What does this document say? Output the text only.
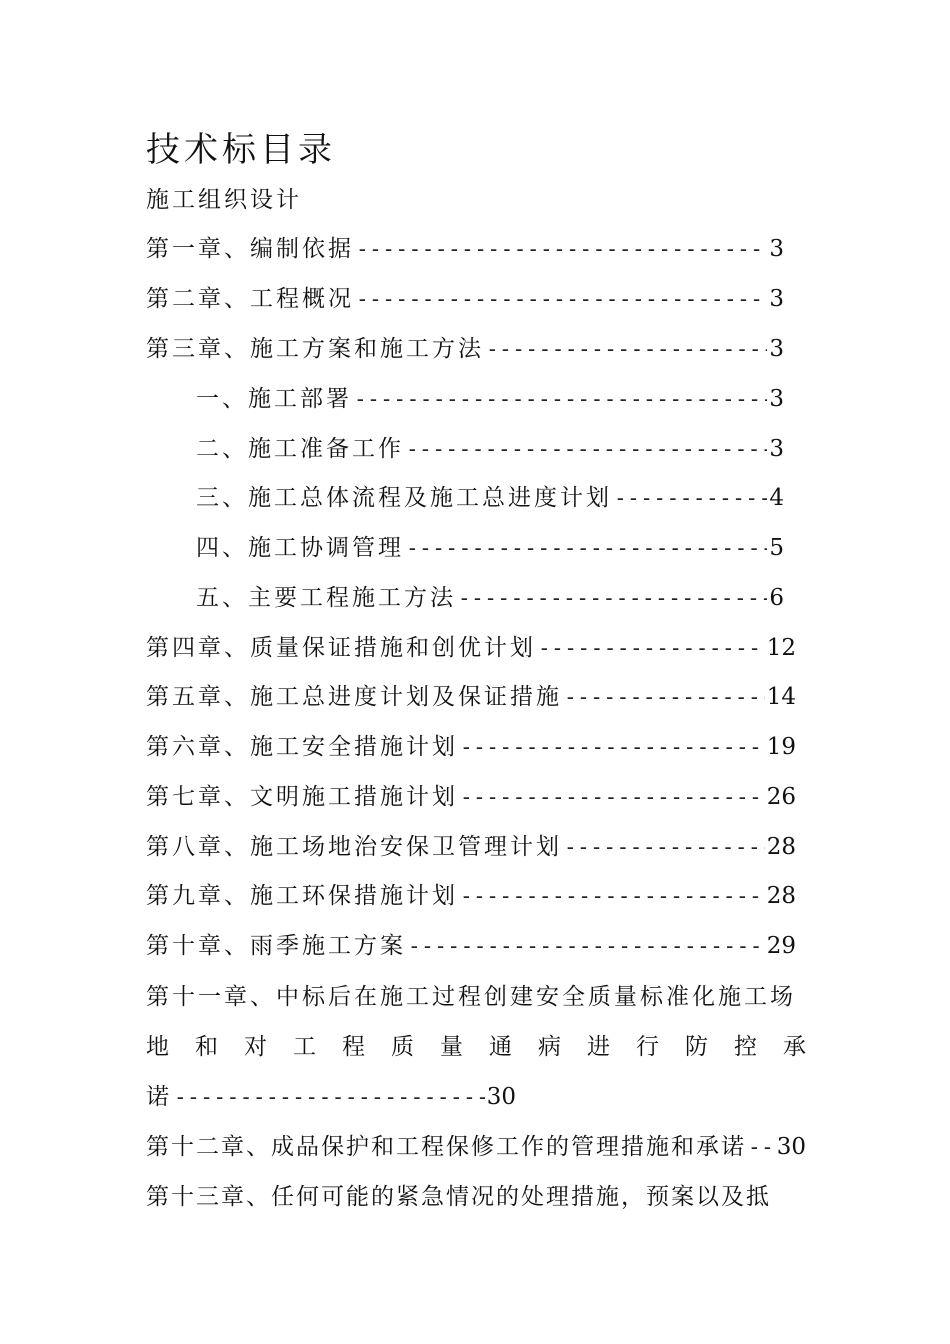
技术标目录
施工组织设计
第一章、编制依据 -----	3
第二章、工程概况 -----	3
第三章、施工方案和施工方法 -----	3
一、施工部署 -----	3
二、施工准备工作 -----	3
三、施工总体流程及施工总进度计划 -----	4
四、施工协调管理 -----	5
五、主要工程施工方法 -----	6
第四章、质量保证措施和创优计划 -----	12
第五章、施工总进度计划及保证措施 -----	14
第六章、施工安全措施计划 -----	19
第七章、文明施工措施计划 -----	26
第八章、施工场地治安保卫管理计划 -----	28
第九章、施工环保措施计划 -----	28
第十章、雨季施工方案 -----	29
第十一章、中标后在施工过程创建安全质量标准化施工场
地 和 对 工 程 质 量 通 病 进 行 防 控 承
诺 -----	30
第十二章、成品保护和工程保修工作的管理措施和承诺 ----- 30
第十三章、任何可能的紧急情况的处理措施，预案以及抵
